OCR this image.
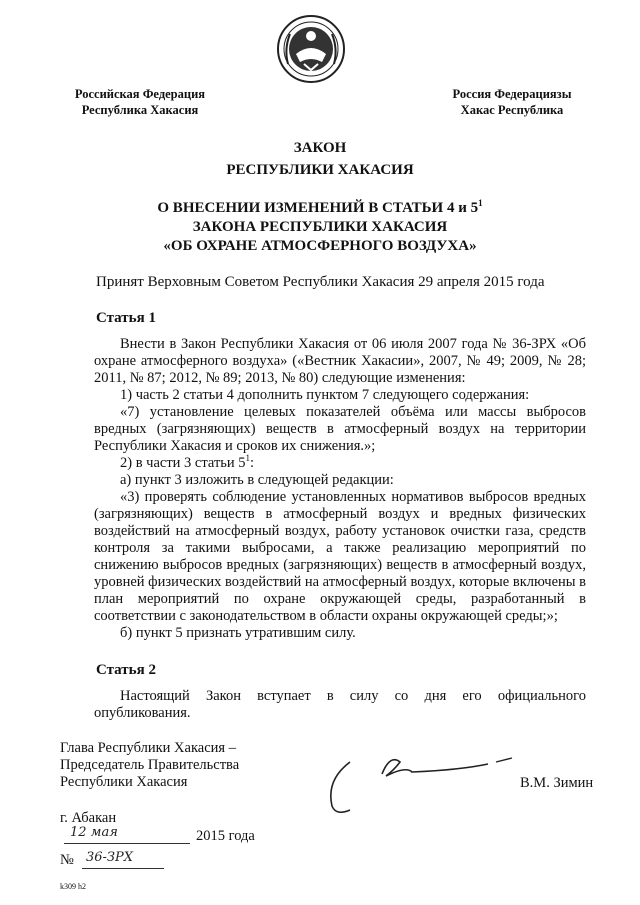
Российская Федерация
Республика Хакасия
Россия Федерациязы
Хакас Республика
ЗАКОН
РЕСПУБЛИКИ ХАКАСИЯ
О ВНЕСЕНИИ ИЗМЕНЕНИЙ В СТАТЬИ 4 и $5^1$
ЗАКОНА РЕСПУБЛИКИ ХАКАСИЯ
«ОБ ОХРАНЕ АТМОСФЕРНОГО ВОЗДУХА»
Принят Верховным Советом Республики Хакасия 29 апреля 2015 года
Статья 1

Внести в Закон Республики Хакасия от 06 июля 2007 года № 36-ЗРХ «Об охране атмосферного воздуха» («Вестник Хакасии», 2007, № 49; 2009, № 28; 2011, № 87; 2012, № 89; 2013, № 80) следующие изменения:

1) часть 2 статьи 4 дополнить пунктом 7 следующего содержания:

«7) установление целевых показателей объёма или массы выбросов вредных (загрязняющих) веществ в атмосферный воздух на территории Республики Хакасия и сроков их снижения.»;

2) в части 3 статьи $5^1$:

а) пункт 3 изложить в следующей редакции:

«3) проверять соблюдение установленных нормативов выбросов вредных (загрязняющих) веществ в атмосферный воздух и вредных физических воздействий на атмосферный воздух, работу установок очистки газа, средств контроля за такими выбросами, а также реализацию мероприятий по снижению выбросов вредных (загрязняющих) веществ в атмосферный воздух, уровней физических воздействий на атмосферный воздух, которые включены в план мероприятий по охране окружающей среды, разработанный в соответствии с законодательством в области охраны окружающей среды;»;

б) пункт 5 признать утратившим силу.

Статья 2

Настоящий Закон вступает в силу со дня его официального опубликования.

Глава Республики Хакасия –
Председатель Правительства
Республики Хакасия	В.М. Зимин
г. Абакан
12 мая	2015 года
№ 36-ЗРХ
k309 h2
